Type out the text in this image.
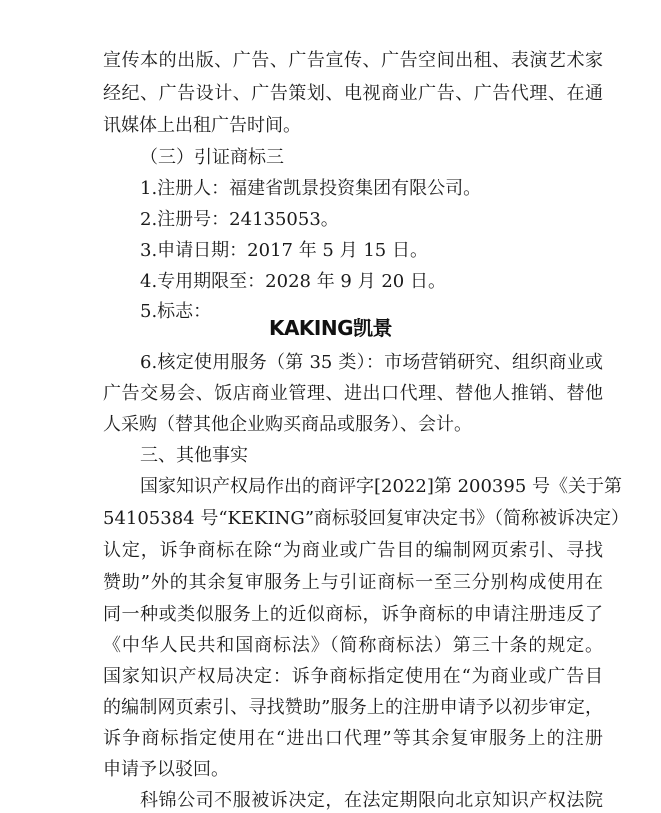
宣传本的出版、广告、广告宣传、广告空间出租、表演艺术家
经纪、广告设计、广告策划、电视商业广告、广告代理、在通
讯媒体上出租广告时间。
（三）引证商标三
1.注册人：福建省凯景投资集团有限公司。
2.注册号：24135053。
3.申请日期：2017 年 5 月 15 日。
4.专用期限至：2028 年 9 月 20 日。
5.标志：
KAKING凯景
6.核定使用服务（第 35 类）：市场营销研究、组织商业或
广告交易会、饭店商业管理、进出口代理、替他人推销、替他
人采购（替其他企业购买商品或服务）、会计。
三、其他事实
国家知识产权局作出的商评字[2022]第 200395 号《关于第
54105384 号“KEKING”商标驳回复审决定书》（简称被诉决定）
认定，诉争商标在除“为商业或广告目的编制网页索引、寻找
赞助”外的其余复审服务上与引证商标一至三分别构成使用在
同一种或类似服务上的近似商标，诉争商标的申请注册违反了
《中华人民共和国商标法》（简称商标法）第三十条的规定。
国家知识产权局决定：诉争商标指定使用在“为商业或广告目
的编制网页索引、寻找赞助”服务上的注册申请予以初步审定，
诉争商标指定使用在“进出口代理”等其余复审服务上的注册
申请予以驳回。
科锦公司不服被诉决定，在法定期限向北京知识产权法院
